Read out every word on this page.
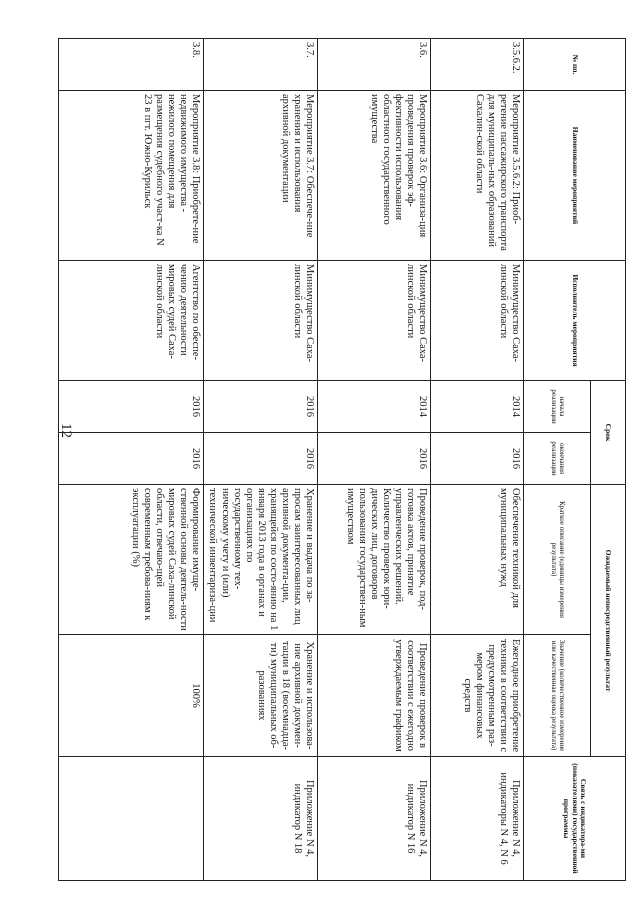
12
№ пп.	Наименование мероприятий	Исполнитель мероприятия	Срок		Ожидаемый непосредственный результат		Связь с индикатора-ми (показателями) государственной программы
			начала реализации	окончания реализации	Краткое описание (единицы измерения результата)	Значение (количественное измерение или качественная оценка результата)	
3.5.6.2.	Мероприятие 3.5.6.2: Приоб-ретение пассажирского транспорта для муниципаль-ных образований Сахалин-ской области	Минимущество Саха-линской области	2014	2016	Обеспечение техникой для муниципальных нужд	Ежегодное приобретение техники в соответствии с предусмотренным раз-мером финансовых средств	Приложение N 4, индикаторы N 4, N 6
3.6.	Мероприятие 3.6: Организа-ция проведения проверок эф-фективности использования областного государственного имущества	Минимущество Саха-линской области	2014	2016	Проведение проверок, под-готовка актов, принятие управленческих решений. Количество проверок юри-дических лиц, договоров пользования государствен-ным имуществом	Проведение проверок в соответствии с ежегодно утверждаемым графиком	Приложение N 4, индикатор N 16
3.7.	Мероприятие 3.7: Обеспече-ние хранения и использования архивной документации	Минимущество Саха-линской области	2016	2016	Хранение и выдача по за-просам заинтересованных лиц архивной документа-ции, хранящейся по состо-янию на 1 января 2013 года в органах и организациях по государственному тех-ническому учету и (или) технической инвентариза-ции	Хранение и использова-ние архивной докумен-тации в 18 (восемнадца-ти) муниципальных об-разованиях	Приложение N 4, индикатор N 18
3.8.	Мероприятие 3.8: Приобрете-ние недвижимого имущества - нежилого помещения для размещения судебного участ-ка N 23 в пгт. Южно-Курильск	Агентство по обеспе-чению деятельности мировых судей Саха-линской области	2016	2016	Формирование имуще-ственной основы деятель-ности мировых судей Саха-линской области, отвечаю-щей современным требова-ниям к эксплуатации (%)	100%	
